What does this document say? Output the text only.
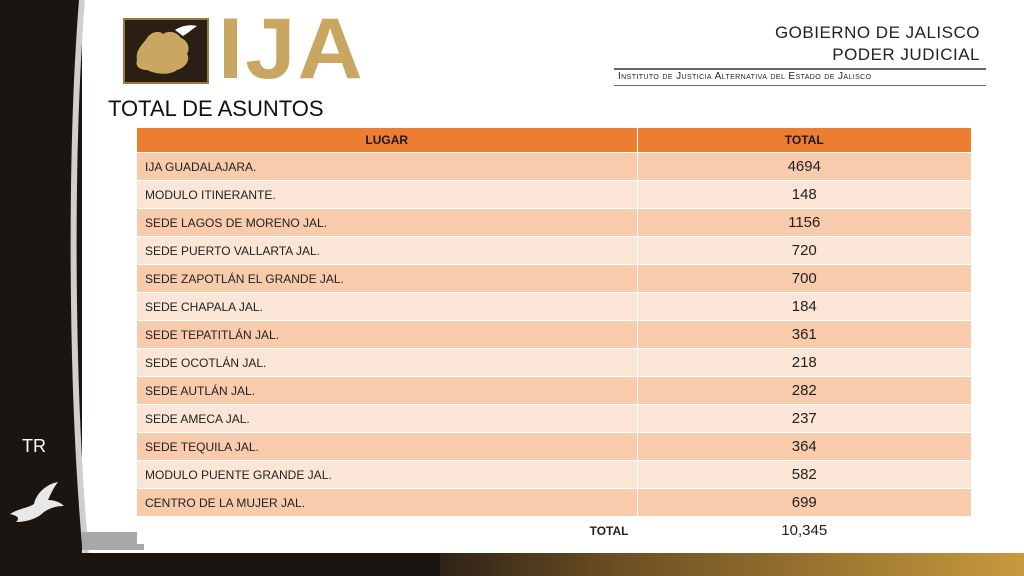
TR
IJA	GOBIERNO DE JALISCO
PODER JUDICIAL
Instituto de Justicia Alternativa del Estado de Jalisco
TOTAL DE ASUNTOS
LUGAR	TOTAL
IJA GUADALAJARA.	4694
MODULO ITINERANTE.	148
SEDE LAGOS DE MORENO JAL.	1156
SEDE PUERTO VALLARTA JAL.	720
SEDE ZAPOTLÁN EL GRANDE JAL.	700
SEDE CHAPALA JAL.	184
SEDE TEPATITLÁN JAL.	361
SEDE OCOTLÁN JAL.	218
SEDE AUTLÁN JAL.	282
SEDE AMECA JAL.	237
SEDE TEQUILA JAL.	364
MODULO PUENTE GRANDE JAL.	582
CENTRO DE LA MUJER JAL.	699
TOTAL	10,345
